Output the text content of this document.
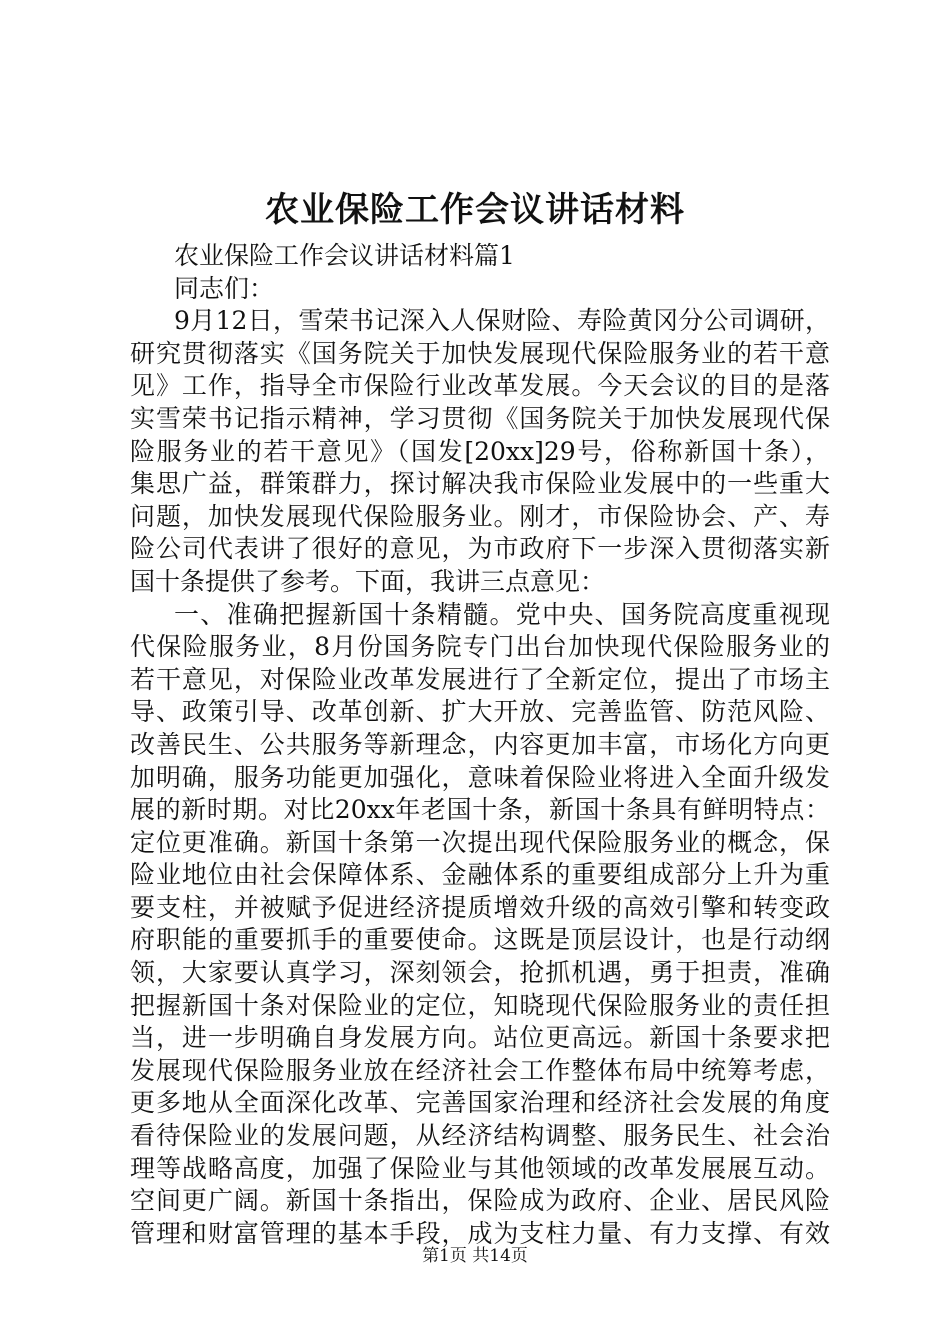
农业保险工作会议讲话材料
农业保险工作会议讲话材料篇1
同志们：
9月12日，雪荣书记深入人保财险、寿险黄冈分公司调研，
研究贯彻落实《国务院关于加快发展现代保险服务业的若干意
见》工作，指导全市保险行业改革发展。今天会议的目的是落
实雪荣书记指示精神，学习贯彻《国务院关于加快发展现代保
险服务业的若干意见》（国发[20xx]29号，俗称新国十条），
集思广益，群策群力，探讨解决我市保险业发展中的一些重大
问题，加快发展现代保险服务业。刚才，市保险协会、产、寿
险公司代表讲了很好的意见，为市政府下一步深入贯彻落实新
国十条提供了参考。下面，我讲三点意见：
一、准确把握新国十条精髓。党中央、国务院高度重视现
代保险服务业，8月份国务院专门出台加快现代保险服务业的
若干意见，对保险业改革发展进行了全新定位，提出了市场主
导、政策引导、改革创新、扩大开放、完善监管、防范风险、
改善民生、公共服务等新理念，内容更加丰富，市场化方向更
加明确，服务功能更加强化，意味着保险业将进入全面升级发
展的新时期。对比20xx年老国十条，新国十条具有鲜明特点：
定位更准确。新国十条第一次提出现代保险服务业的概念，保
险业地位由社会保障体系、金融体系的重要组成部分上升为重
要支柱，并被赋予促进经济提质增效升级的高效引擎和转变政
府职能的重要抓手的重要使命。这既是顶层设计，也是行动纲
领，大家要认真学习，深刻领会，抢抓机遇，勇于担责，准确
把握新国十条对保险业的定位，知晓现代保险服务业的责任担
当，进一步明确自身发展方向。站位更高远。新国十条要求把
发展现代保险服务业放在经济社会工作整体布局中统筹考虑，
更多地从全面深化改革、完善国家治理和经济社会发展的角度
看待保险业的发展问题，从经济结构调整、服务民生、社会治
理等战略高度，加强了保险业与其他领域的改革发展展互动。
空间更广阔。新国十条指出，保险成为政府、企业、居民风险
管理和财富管理的基本手段，成为支柱力量、有力支撑、有效
第1页 共14页
